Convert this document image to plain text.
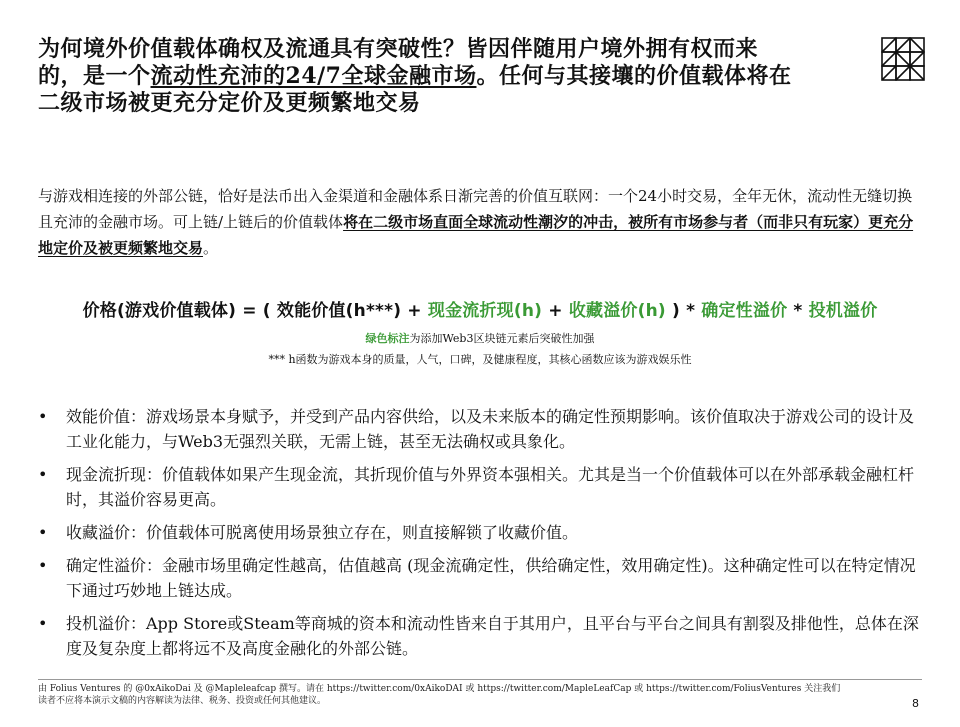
为何境外价值载体确权及流通具有突破性？皆因伴随用户境外拥有权而来的，是一个流动性充沛的24/7全球金融市场。任何与其接壤的价值载体将在二级市场被更充分定价及更频繁地交易
与游戏相连接的外部公链，恰好是法币出入金渠道和金融体系日渐完善的价值互联网：一个24小时交易，全年无休，流动性无缝切换且充沛的金融市场。可上链/上链后的价值载体将在二级市场直面全球流动性潮汐的冲击，被所有市场参与者（而非只有玩家）更充分地定价及被更频繁地交易。
价格(游戏价值载体) = ( 效能价值(h***) + 现金流折现(h) + 收藏溢价(h) ) * 确定性溢价 * 投机溢价
绿色标注为添加Web3区块链元素后突破性加强
*** h函数为游戏本身的质量，人气，口碑，及健康程度，其核心函数应该为游戏娱乐性
• 效能价值：游戏场景本身赋予，并受到产品内容供给，以及未来版本的确定性预期影响。该价值取决于游戏公司的设计及工业化能力，与Web3无强烈关联，无需上链，甚至无法确权或具象化。
• 现金流折现：价值载体如果产生现金流，其折现价值与外界资本强相关。尤其是当一个价值载体可以在外部承载金融杠杆时，其溢价容易更高。
• 收藏溢价：价值载体可脱离使用场景独立存在，则直接解锁了收藏价值。
• 确定性溢价：金融市场里确定性越高，估值越高 (现金流确定性，供给确定性，效用确定性)。这种确定性可以在特定情况下通过巧妙地上链达成。
• 投机溢价：App Store或Steam等商城的资本和流动性皆来自于其用户，且平台与平台之间具有割裂及排他性，总体在深度及复杂度上都将远不及高度金融化的外部公链。
由 Folius Ventures 的 @0xAikoDai 及 @Mapleleafcap 撰写。请在 https://twitter.com/0xAikoDAI 或 https://twitter.com/MapleLeafCap 或 https://twitter.com/FoliusVentures 关注我们
读者不应将本演示文稿的内容解读为法律、税务、投资或任何其他建议。	8
